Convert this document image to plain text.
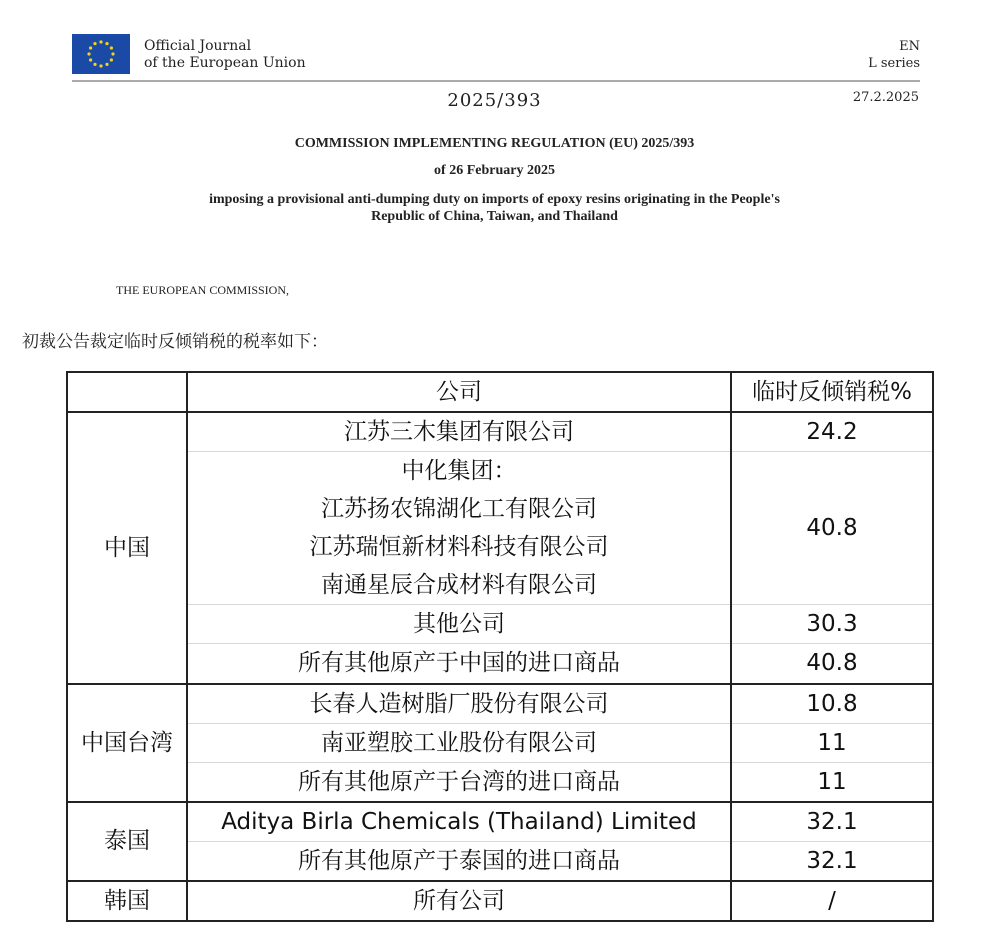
Official Journal
of the European Union
EN
L series
2025/393	27.2.2025
COMMISSION IMPLEMENTING REGULATION (EU) 2025/393
of 26 February 2025
imposing a provisional anti-dumping duty on imports of epoxy resins originating in the People's
Republic of China, Taiwan, and Thailand
THE EUROPEAN COMMISSION,
初裁公告裁定临时反倾销税的税率如下：
	公司	临时反倾销税%
中国	江苏三木集团有限公司	24.2

	中化集团：
江苏扬农锦湖化工有限公司
江苏瑞恒新材料科技有限公司
南通星辰合成材料有限公司	40.8

	其他公司	30.3

	所有其他原产于中国的进口商品	40.8
中国台湾	长春人造树脂厂股份有限公司	10.8

	南亚塑胶工业股份有限公司	11

	所有其他原产于台湾的进口商品	11
泰国	Aditya Birla Chemicals (Thailand) Limited	32.1

	所有其他原产于泰国的进口商品	32.1
韩国	所有公司	/
